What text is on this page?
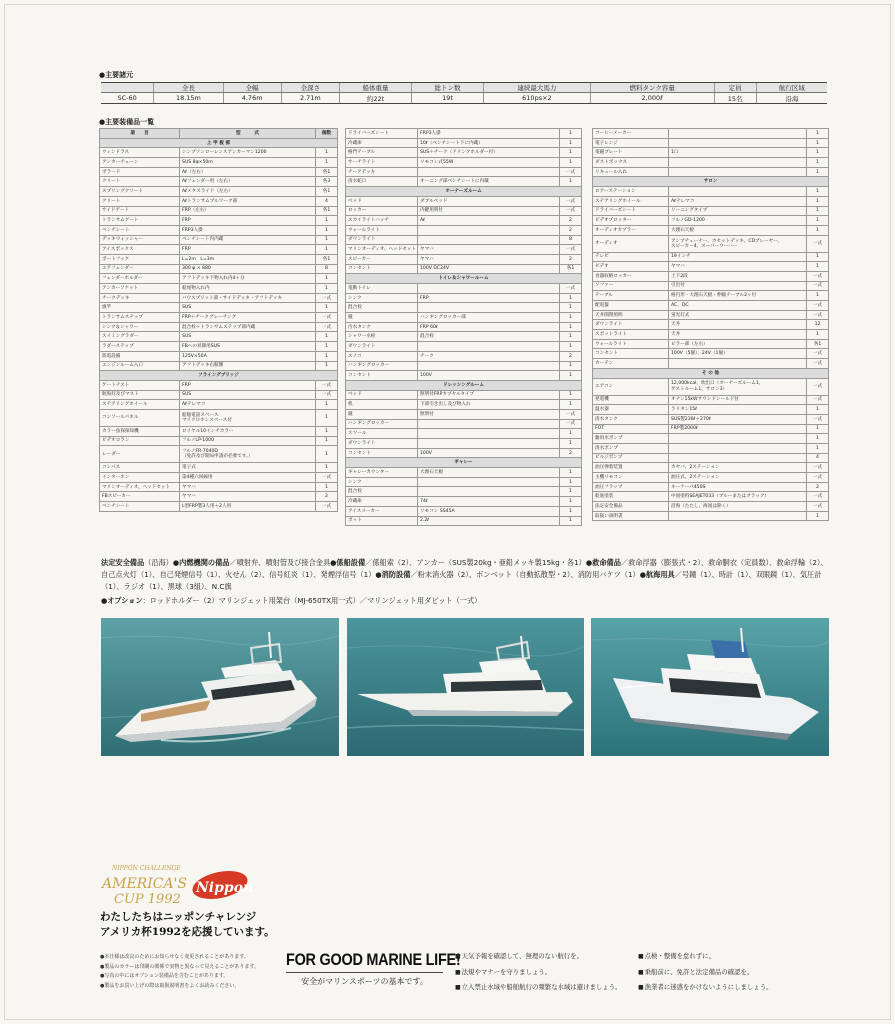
●主要諸元
	全長	全幅	全深さ	船体重量	総トン数	連続最大馬力	燃料タンク容量	定員	航行区域
SC-60	18.15m	4.76m	2.71m	約22t	19t	610ps×2	2,000ℓ	15名	沿海
●主要装備品一覧
項　　目	型　　　式	個数
上 甲 板 部		
ウィンドラス	シンプソンローレンスアンカーマン1200	1
アンカーチェーン	SUS 8φ×50m	1
ボラード	Aℓ（左右）	各1
クリート	Aℓフェンダー用（左右）	各3
スプリングクリート	Aℓメタスライド（左右）	各1
クリート	Aℓトランサムプルワーク部	4
サイドゲート	FRP（左右）	各1
トランサムゲート	FRP	1
ベンチシート	FRP3人掛	1
デッキウォッシャー	ベンチシート内内蔵	1
アイスボックス	FRP	1
ボートフック	L=2m　L=3m	各1
エアフェンダー	300 φ × 880	8
フェンダーホルダー	アフトデッキ下物入れ内4ヶ分	1
アンカーソケット	船尾物入れ内	1
チークデッキ	バウスプリット部・サイドデッキ・アフトデッキ	一式
旗竿	SUS	1
トランサムステップ	FRP＋チークグレーチング	一式
シンク＆シャワー	混合栓＋トランサムステップ部内蔵	一式
スイミングラダー	SUS	1
ラダーステップ	FBへの昇降用SUS	1
陸電設備	125V×50A	1
エンジンルーム入口	アフトデッキ右舷側	1
フライングブリッジ		
ゲートテスト	FRP	一式
航海灯及びマスト	SUS	一式
ステアリングホイール	Aℓテレマコ	1
コンソールパネル	船舶電話スペース
マイクロホンスペース付	1
カラー魚探探知機	ロイヤル10インチカラー	1
ビデオロラン	フルノLP-1000	1
レーダー	フルノFR-7040D
（免許及び開局申請が必要です。）	1
コンパス	電子式	1
インターホン	第4種六回線用	一式
マリンオーディオ、ヘッドセット	ヤマハ	1
FBスピーカー	ヤマハ	2
ベンチシート	L型FRP製3人用＋2人用	一式
ドライバーズシート	FRP3人掛	1
冷蔵庫	10ℓ（ベンチシート下に内蔵）	1
格門テーブル	SUS＋チーク（ドリンクホルダー付）	1
サーチライト	リモコン式55W	1
チーアデッキ		一式
清水蛇口	オーニング部ベンチシートに内蔵	1
オーナーズルーム		
ベッド	ダブルベッド	一式
ロッカー	内鍵用明付	一式
スカイライトハッチ	Aℓ	2
ウォールライト		2
ダウンライト		8
マリンオーディオ、ヘッドセット	ヤマハ	一式
スピーカー	ヤマハ	2
コンセント	100V DC24V	各1
トイレ＆シャワールーム		
電動トイレ		一式
シンク	FRP	1
混合栓		1
鏡	ハンギングロッカー部	1
汚水タンク	FRP 60ℓ	1
シャワー水栓	混合栓	1
ダウンライト		1
スノコ	チーク	2
ハンギングロッカー		1
コンセント	100V	1
ドレッシングルーム		
ベッド	照明付FRPカプセルタイプ	1
机	下部引き出し及び物入れ	1
鏡	照明付	一式
ハンギングロッカー		一式
スツール		1
ダウンライト		1
コンセント	100V	2
ギャレー		
ギャレーカウンター	大理石天板	1
シンク		1
混合栓		1
冷蔵庫	74ℓ	1
アイスメーカー	リモコン SS45A	1
ポット	2.2ℓ	1
コーヒーメーカー		1
電子レンジ		1
電磁プレート	1口	1
ダストボックス		1
リキュール入れ		1
サロン		
ロアーステーション		1
ステアリングホイール	Aℓテレマコ	1
ドライバーズシート	リーニングタイプ	1
ビデオプロッター	フルノGD-1200	1
オーディオカプラー	大理石天板	1
オーディオ	アンプチューナー、カセットデッキ、CDプレーヤー、
スピーカー4、スーパーウーハー	一式
テレビ	19インチ	1
ビデオ	ヤマハ	1
食器収納ロッカー	上下2段	一式
ソファー	引出付	一式
テーブル	格円形・大理石天板・伸縮テーブル2ヶ付	1
配電盤	AC、DC	一式
天井開閉照明	蛍光灯式	一式
ダウンライト	天井	12
スポットライト	天井	1
ウォールライト	ピラー部（左右）	各1
コンセント	100V（5個）、24V（1個）	一式
カーテン		一式
そ の 他		
エアコン	12,000kcal、吹出口（オーナーズルーム1、
ゲストルーム1、サロン3）	一式
発電機	オナン15kWサウンドシールド付	一式
温水器	ラリタン15ℓ	1
清水タンク	SUS製230ℓ＋270ℓ	一式
FOT	FRP製2000ℓ	1
雑用水ポンプ		1
清水ポンプ		1
ビルジポンプ		4
油圧弾着装置	カヤバ、2ステーション	一式
主機リモコン	油圧式、2ステーション	一式
油圧フラップ	キーケーパ450S	2
船底塗装	中国塗料SEAJET033（ブルーまたはブラック）	一式
法定安全備品	沿海（たたし、海図は除く）	一式
取扱い説明書		1
法定安全備品（沿海）●内燃機関の備品／噴射弁、噴射管及び接合金具●係船設備／係船索（2）、アンカー（SUS製20kg・亜鉛メッキ製15kg・各1）●救命備品／救命浮器（膨張式・2）、救命胴衣（定員数）、救命浮輪（2）、自己点火灯（1）、自己発煙信号（1）、火せん（2）、信号紅炎（1）、発煙浮信号（1）●消防設備／粉末消火器（2）、ボンベット（自動拡散型・2）、消防用バケツ（1）●航海用具／号鐘（1）、時計（1）、双眼鏡（1）、気圧計（1）、ラジオ（1）、黒球（3組）、N.C旗
●オプション：ロッドホルダー（2）マリンジェット用架台（MJ-650TX用一式）／マリンジェット用ダビット（一式）
NIPPON CHALLENGE
AMERICA'S
CUP 1992
Nippon
わたしたちはニッポンチャレンジ
アメリカ杯1992を応援しています。
●本仕様は改良のためにお知らせなく変更されることがあります。
●製品のカラーは印刷の関係で実物と異なって見えることがあります。
●写真の中にはオプション装備品を含むことがあります。
●製品をお買い上げの際は取扱説明書をよくお読みください。
FOR GOOD MARINE LIFE!
安全がマリンスポーツの基本です。
■ 天気予報を確認して、無理のない航行を。
■ 法規やマナーを守りましょう。
■ 立入禁止水域や船舶航行の頻繁な水域は避けましょう。
■ 点検・整備を怠れずに。
■ 乗船前に、免許と法定備品の確認を。
■ 漁業者に迷惑をかけないようにしましょう。
